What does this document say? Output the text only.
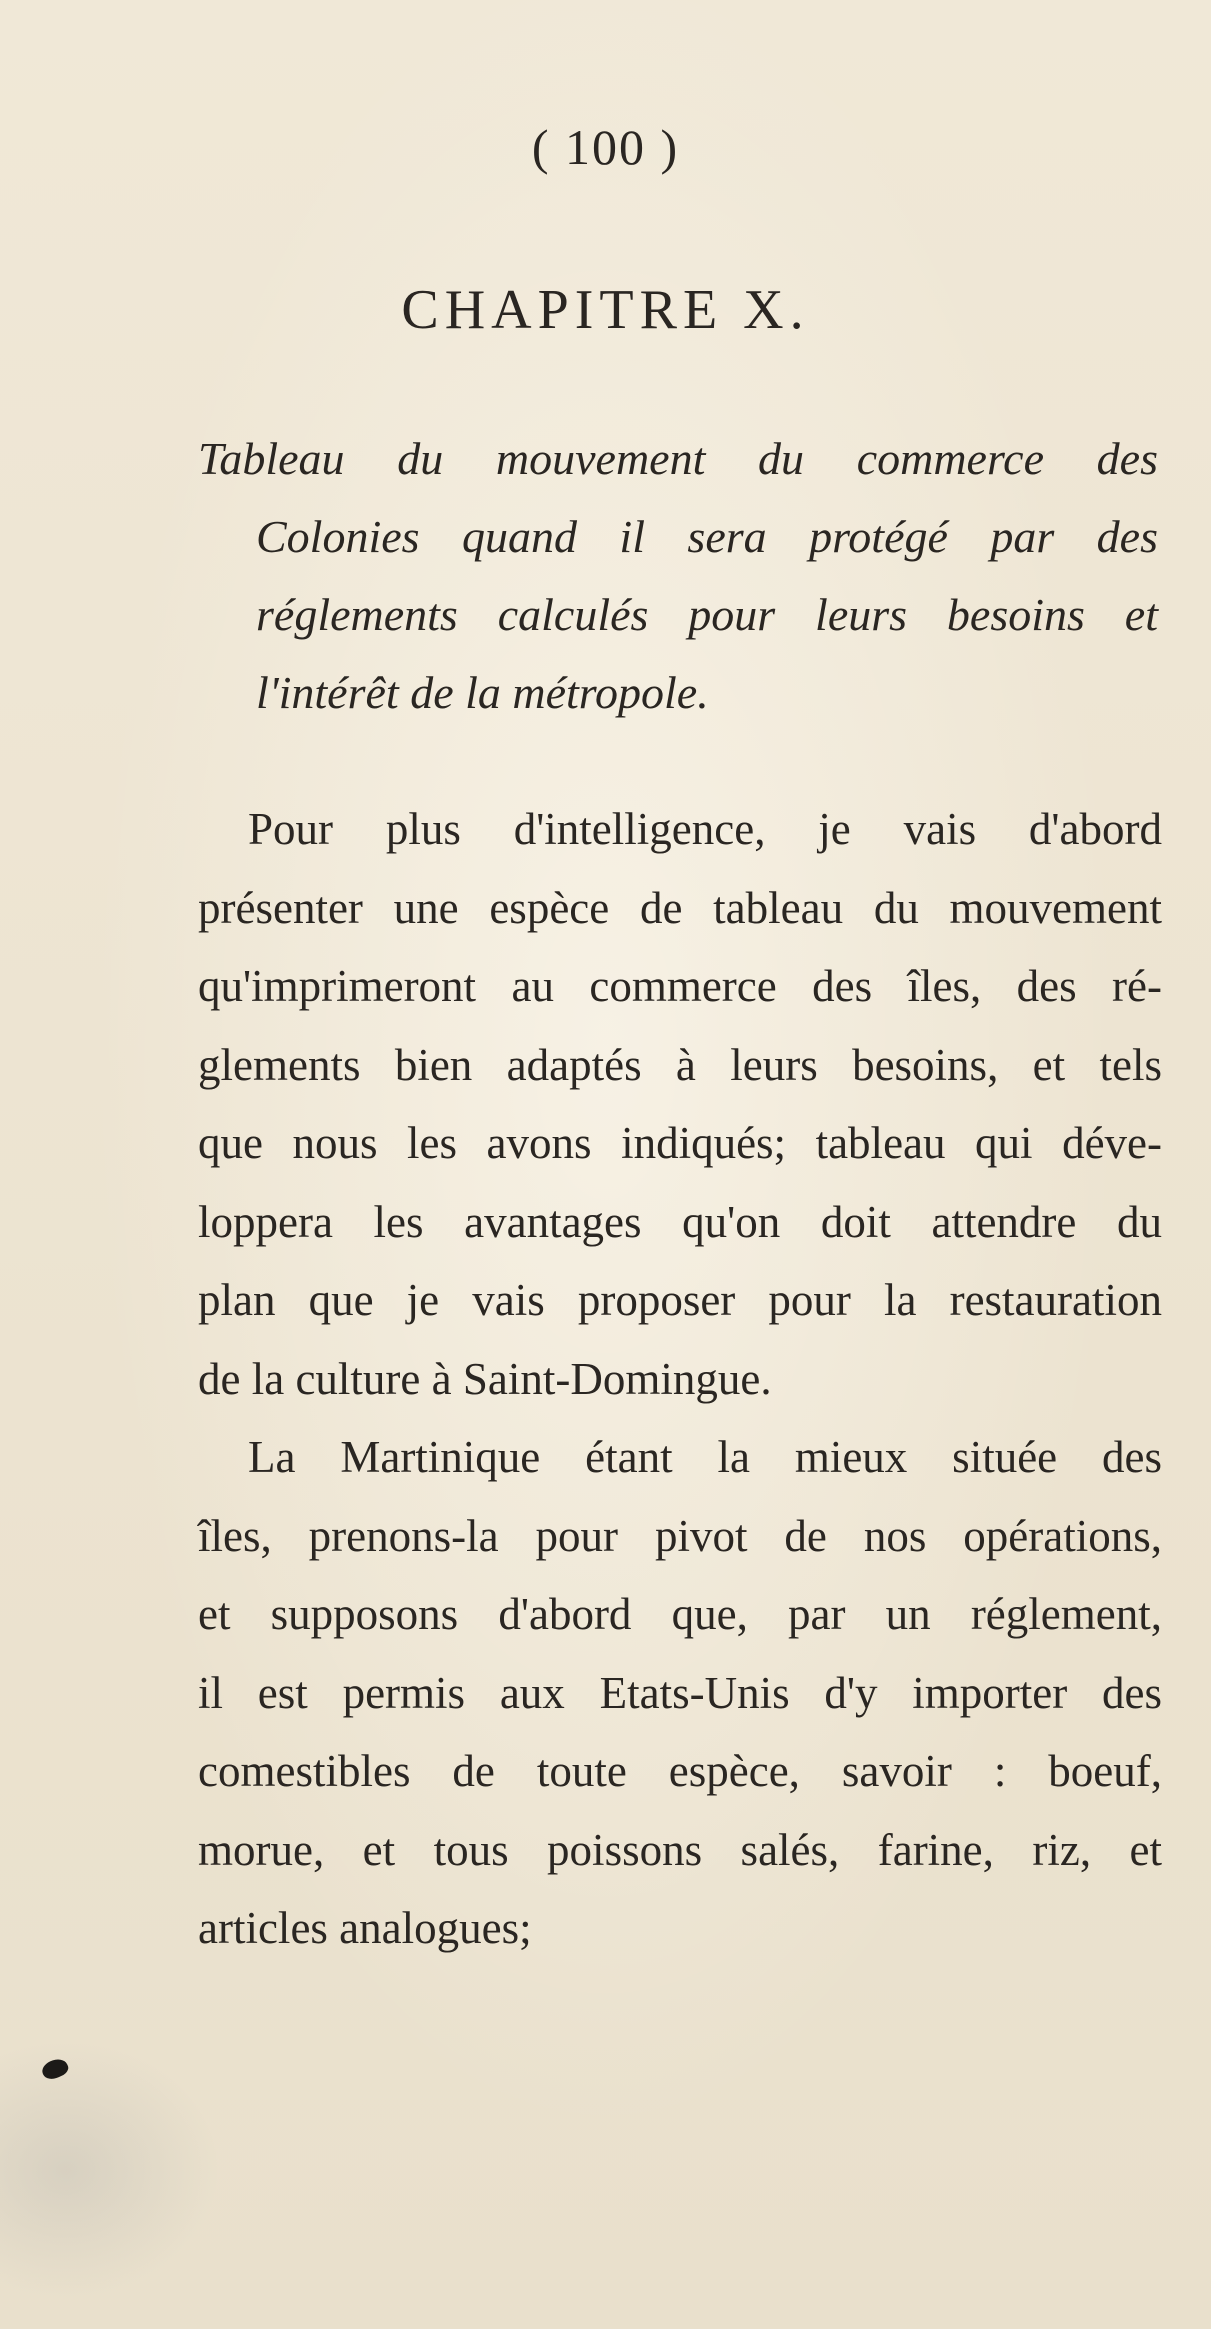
( 100 )
CHAPITRE X.
Tableau du mouvement du commerce des
Colonies quand il sera protégé par des
réglements calculés pour leurs besoins et
l'intérêt de la métropole.
Pour plus d'intelligence, je vais d'abord
présenter une espèce de tableau du mouvement
qu'imprimeront au commerce des îles, des ré-
glements bien adaptés à leurs besoins, et tels
que nous les avons indiqués; tableau qui déve-
loppera les avantages qu'on doit attendre du
plan que je vais proposer pour la restauration
de la culture à Saint-Domingue.
La Martinique étant la mieux située des
îles, prenons-la pour pivot de nos opérations,
et supposons d'abord que, par un réglement,
il est permis aux Etats-Unis d'y importer des
comestibles de toute espèce, savoir : boeuf,
morue, et tous poissons salés, farine, riz, et
articles analogues;
